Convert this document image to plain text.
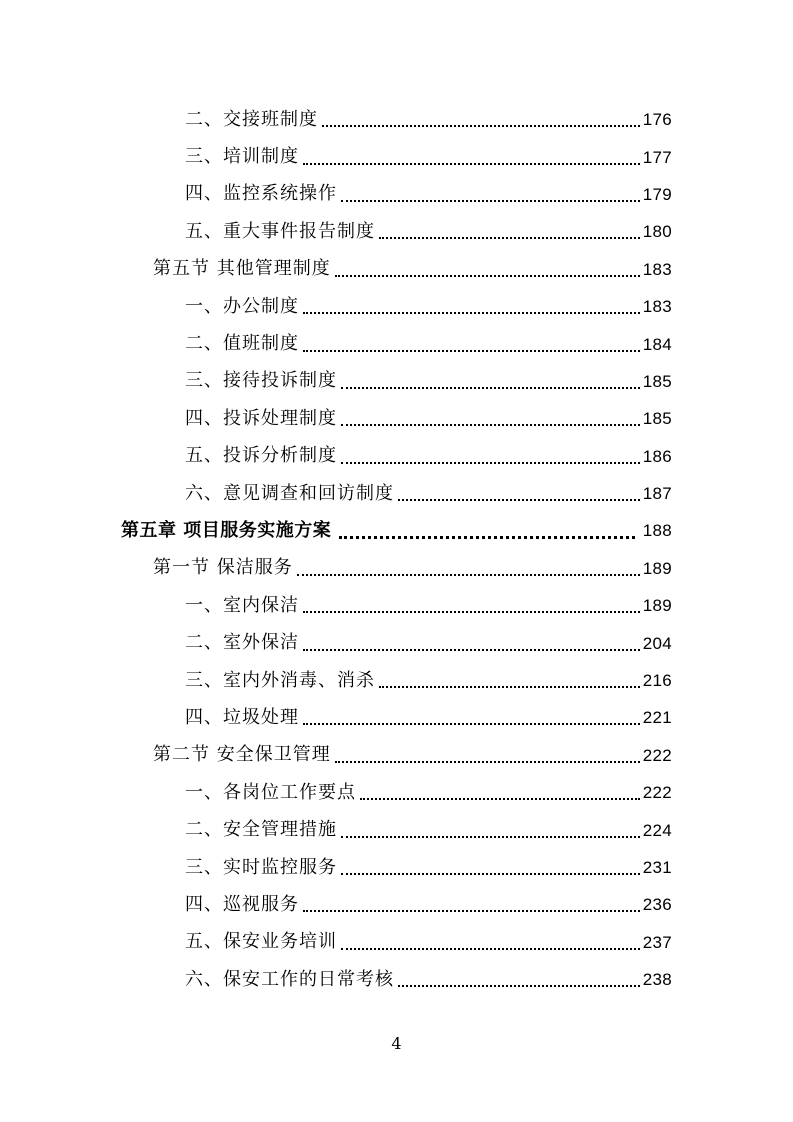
二、交接班制度	176
三、培训制度	177
四、监控系统操作	179
五、重大事件报告制度	180
第五节 其他管理制度	183
一、办公制度	183
二、值班制度	184
三、接待投诉制度	185
四、投诉处理制度	185
五、投诉分析制度	186
六、意见调查和回访制度	187
第五章 项目服务实施方案	188
第一节 保洁服务	189
一、室内保洁	189
二、室外保洁	204
三、室内外消毒、消杀	216
四、垃圾处理	221
第二节 安全保卫管理	222
一、各岗位工作要点	222
二、安全管理措施	224
三、实时监控服务	231
四、巡视服务	236
五、保安业务培训	237
六、保安工作的日常考核	238
4
